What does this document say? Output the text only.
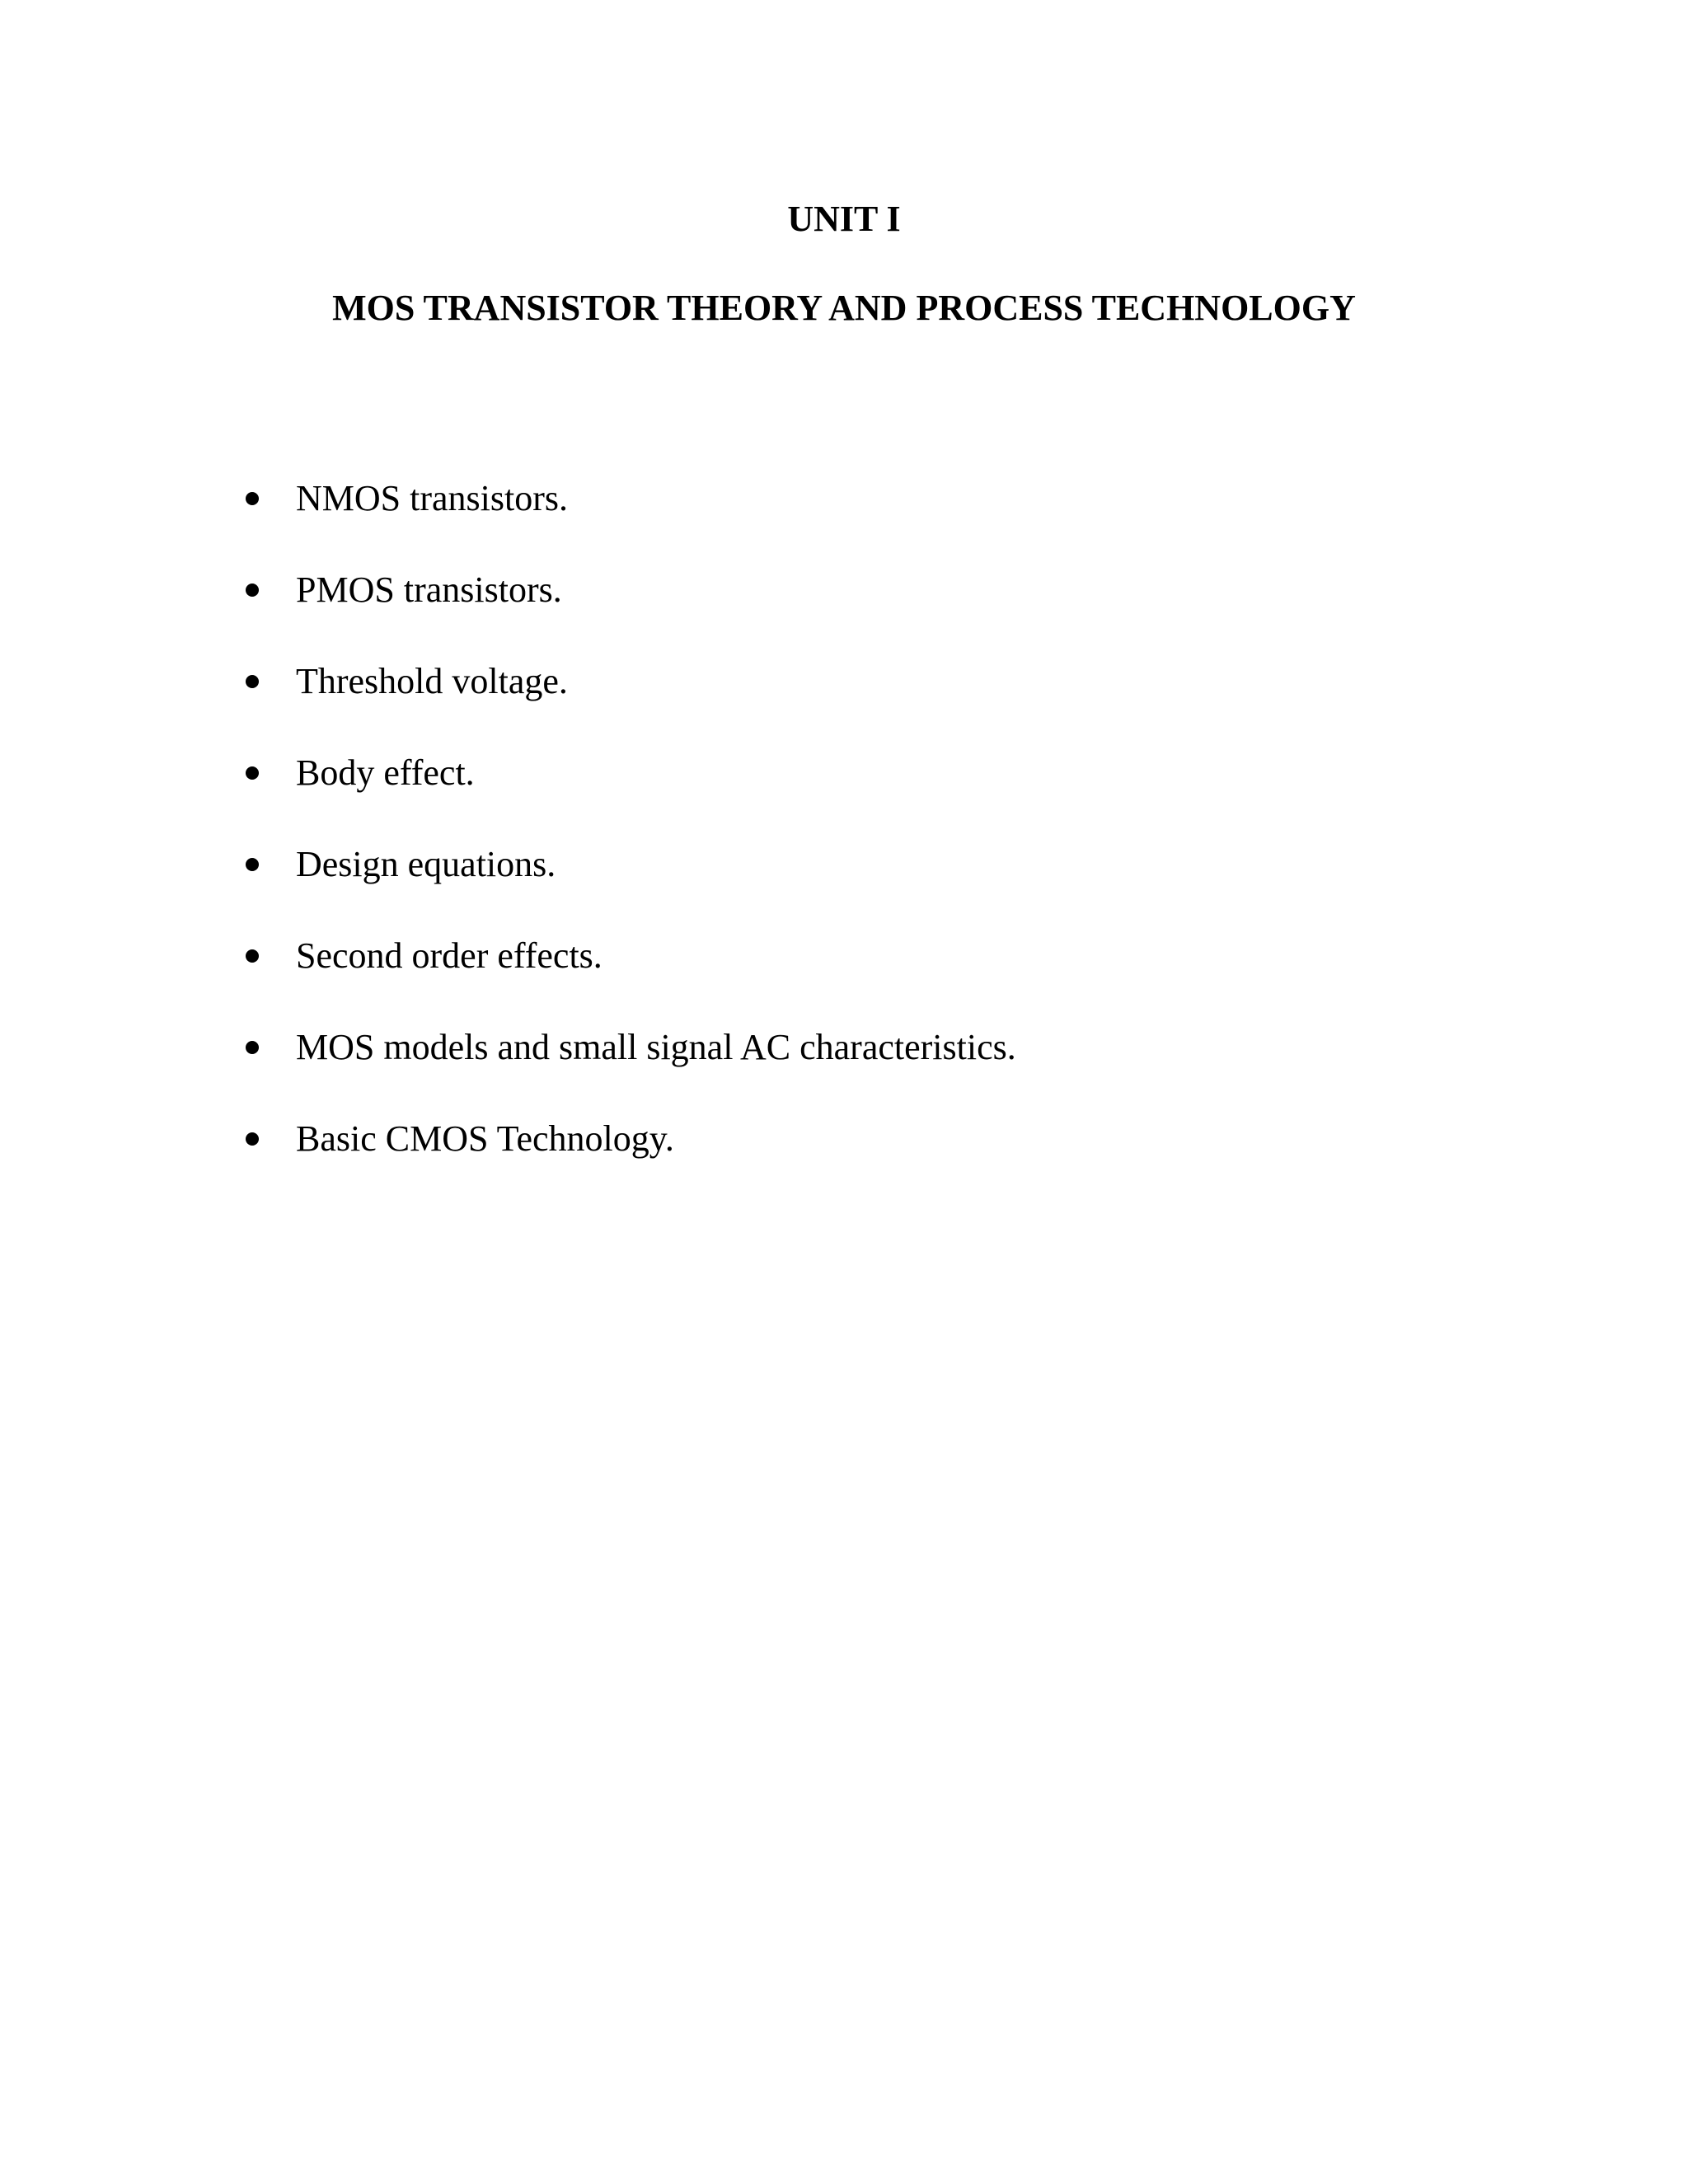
UNIT I
MOS TRANSISTOR THEORY AND PROCESS TECHNOLOGY
NMOS transistors.
PMOS transistors.
Threshold voltage.
Body effect.
Design equations.
Second order effects.
MOS models and small signal AC characteristics.
Basic CMOS Technology.
